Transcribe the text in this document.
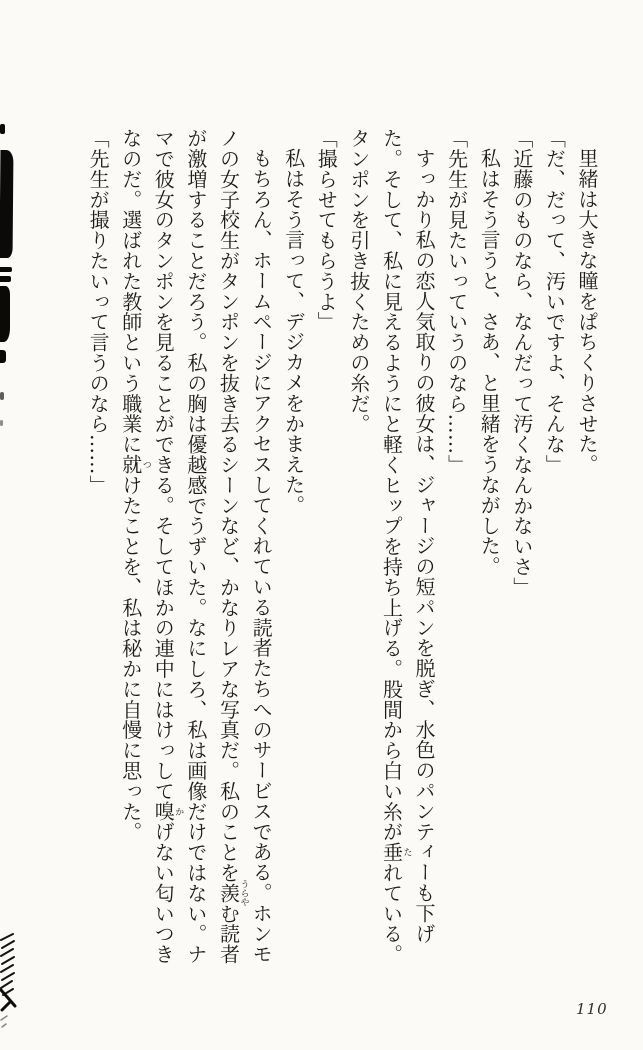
里緒は大きな瞳をぱちくりさせた。

「だ、だって、汚いですよ、そんな」

「近藤のものなら、なんだって汚くなんかないさ」

私はそう言うと、さあ、と里緒をうながした。

「先生が見たいっていうのなら……」

すっかり私の恋人気取りの彼女は、ジャージの短パンを脱ぎ、水色のパンティーも下げた。そして、私に見えるようにと軽くヒップを持ち上げる。股間から白い糸が垂たれている。タンポンを引き抜くための糸だ。

「撮らせてもらうよ」

私はそう言って、デジカメをかまえた。

もちろん、ホームページにアクセスしてくれている読者たちへのサービスである。ホンモノの女子校生がタンポンを抜き去るシーンなど、かなりレアな写真だ。私のことを羨うらやむ読者が激増することだろう。私の胸は優越感でうずいた。なにしろ、私は画像だけではない。ナマで彼女のタンポンを見ることができる。そしてほかの連中にはけっして嗅かげない匂いつきなのだ。選ばれた教師という職業に就つけたことを、私は秘かに自慢に思った。

「先生が撮りたいって言うのなら……」

110
